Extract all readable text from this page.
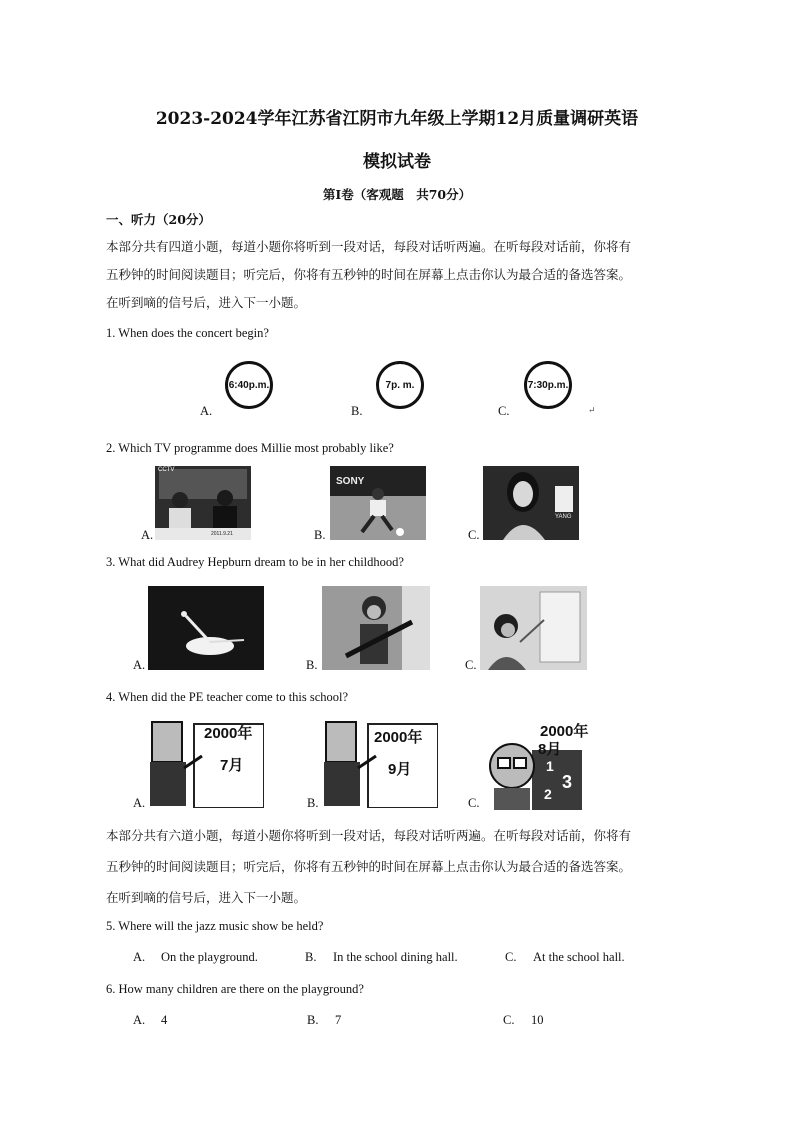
2023-2024学年江苏省江阴市九年级上学期12月质量调研英语
模拟试卷
第Ⅰ卷（客观题　共70分）
一、听力（20分）
本部分共有四道小题，每道小题你将听到一段对话，每段对话听两遍。在听每段对话前，你将有
五秒钟的时间阅读题目；听完后，你将有五秒钟的时间在屏幕上点击你认为最合适的备选答案。
在听到嘀的信号后，进入下一小题。
1. When does the concert begin?
A.
6:40p.m.
B.
7p. m.
C.
7:30p.m.
↵
2. Which TV programme does Millie most probably like?
A.
CCTV
2011.9.21	B.
SONY
C.
YANG
3. What did Audrey Hepburn dream to be in her childhood?
A.	B.	C.
4. When did the PE teacher come to this school?
A.
2000年
7月
B.
2000年
9月
C.
2000年
8月
1
2
3
本部分共有六道小题，每道小题你将听到一段对话，每段对话听两遍。在听每段对话前，你将有
五秒钟的时间阅读题目；听完后，你将有五秒钟的时间在屏幕上点击你认为最合适的备选答案。
在听到嘀的信号后，进入下一小题。
5. Where will the jazz music show be held?
A. On the playground.	B. In the school dining hall.	C. At the school hall.
6. How many children are there on the playground?
A. 4	B. 7	C. 10
